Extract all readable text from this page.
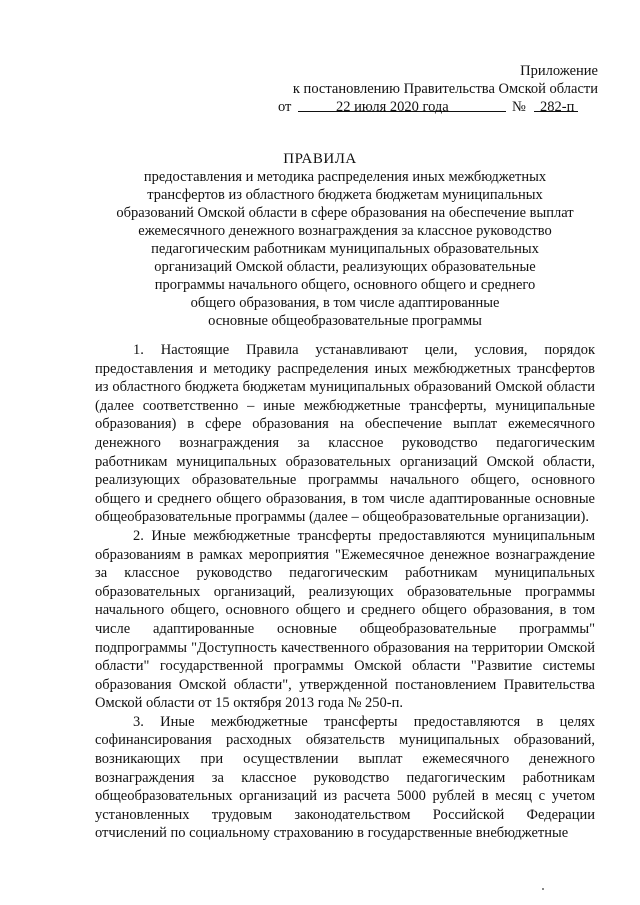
Приложение
к постановлению Правительства Омской области
от	22 июля 2020 года	№ 282-п
ПРАВИЛА
предоставления и методика распределения иных межбюджетных
трансфертов из областного бюджета бюджетам муниципальных
образований Омской области в сфере образования на обеспечение выплат
ежемесячного денежного вознаграждения за классное руководство
педагогическим работникам муниципальных образовательных
организаций Омской области, реализующих образовательные
программы начального общего, основного общего и среднего
общего образования, в том числе адаптированные
основные общеобразовательные программы

1. Настоящие Правила устанавливают цели, условия, порядок предоставления и методику распределения иных межбюджетных трансфертов из областного бюджета бюджетам муниципальных образований Омской области (далее соответственно – иные межбюджетные трансферты, муниципальные образования) в сфере образования на обеспечение выплат ежемесячного денежного вознаграждения за классное руководство педагогическим работникам муниципальных образовательных организаций Омской области, реализующих образовательные программы начального общего, основного общего и среднего общего образования, в том числе адаптированные основные общеобразовательные программы (далее – общеобразовательные организации).

2. Иные межбюджетные трансферты предоставляются муниципальным образованиям в рамках мероприятия "Ежемесячное денежное вознаграждение за классное руководство педагогическим работникам муниципальных образовательных организаций, реализующих образовательные программы начального общего, основного общего и среднего общего образования, в том числе адаптированные основные общеобразовательные программы" подпрограммы "Доступность качественного образования на территории Омской области" государственной программы Омской области "Развитие системы образования Омской области", утвержденной постановлением Правительства Омской области от 15 октября 2013 года № 250-п.

3. Иные межбюджетные трансферты предоставляются в целях софинансирования расходных обязательств муниципальных образований, возникающих при осуществлении выплат ежемесячного денежного вознаграждения за классное руководство педагогическим работникам общеобразовательных организаций из расчета 5000 рублей в месяц с учетом установленных трудовым законодательством Российской Федерации отчислений по социальному страхованию в государственные внебюджетные
